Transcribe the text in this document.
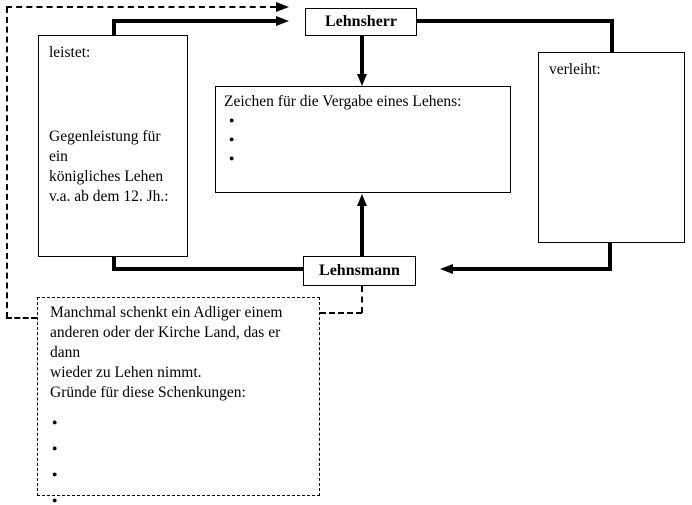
Lehnsherr
verleiht:
Lehnsmann
leistet:
Gegenleistung für ein
königliches Lehen
v.a. ab dem 12. Jh.:
Zeichen für die Vergabe eines Lehens:
●
●
●
Manchmal schenkt ein Adliger einem
anderen oder der Kirche Land, das er dann
wieder zu Lehen nimmt.
Gründe für diese Schenkungen:
●
●
●
●
